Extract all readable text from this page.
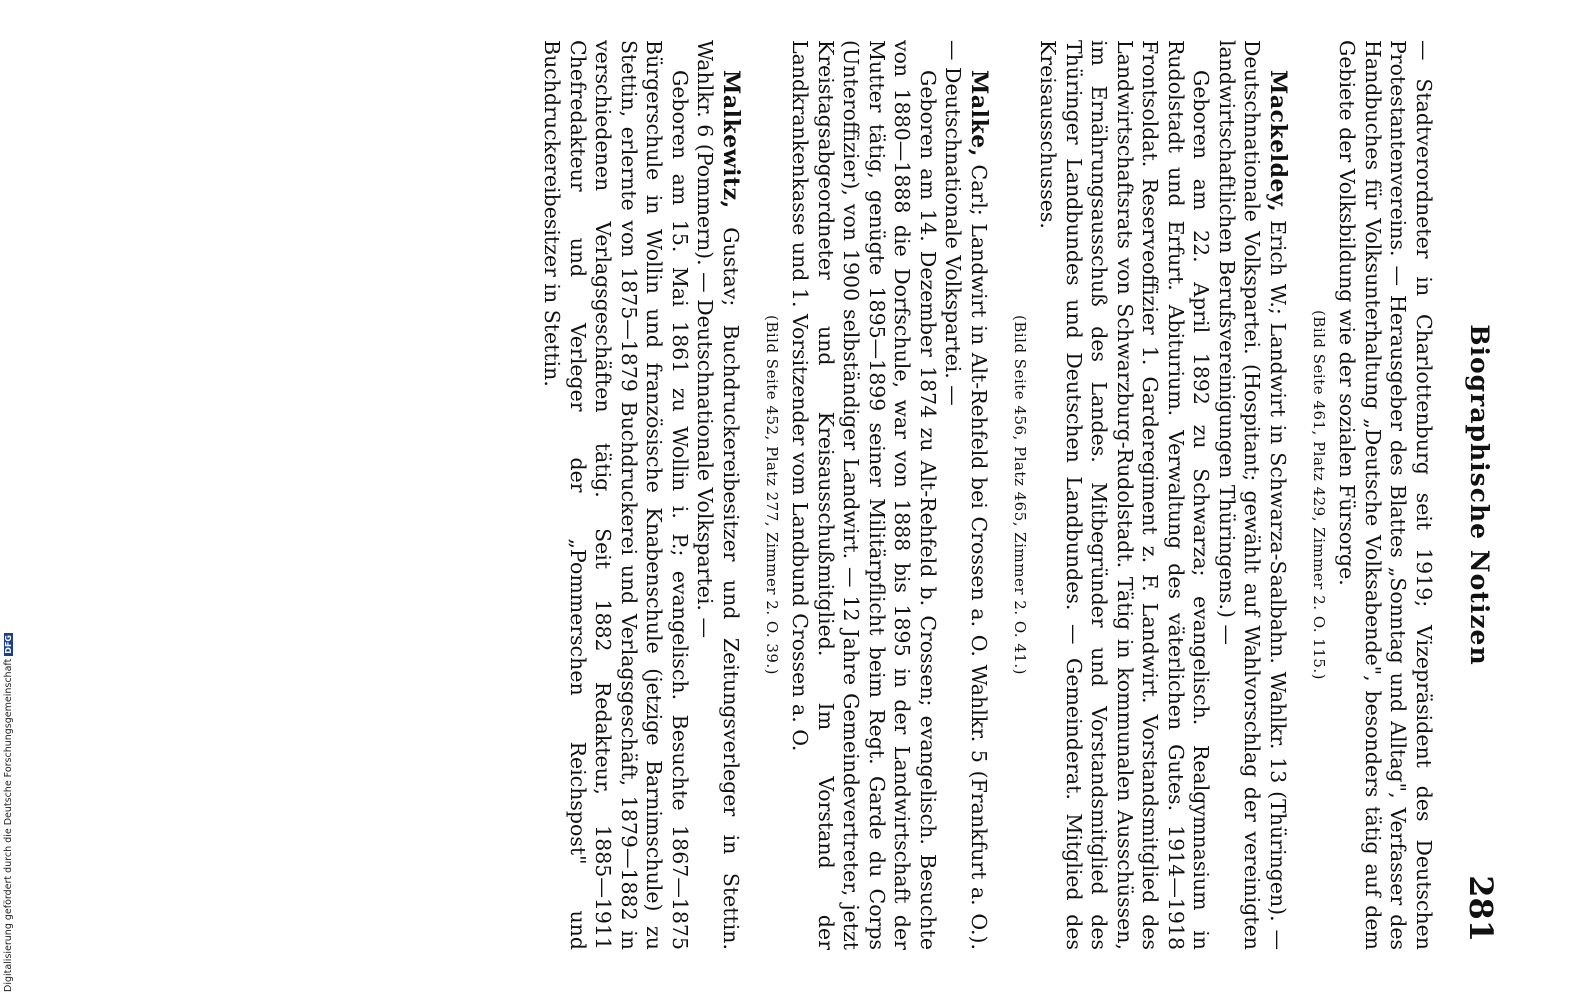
Biographische Notizen
281

— Stadtverordneter in Charlottenburg seit 1919; Vizepräsident des Deutschen Protestantenvereins. — Herausgeber des Blattes „Sonntag und Alltag", Verfasser des Handbuches für Volksunterhaltung „Deutsche Volksabende", besonders tätig auf dem Gebiete der Volksbildung wie der sozialen Fürsorge.

(Bild Seite 461, Platz 429, Zimmer 2. O. 115.)

Mackeldey, Erich W.; Landwirt in Schwarza-Saalbahn. Wahlkr. 13 (Thüringen). — Deutschnationale Volkspartei. (Hospitant; gewählt auf Wahlvorschlag der vereinigten landwirtschaftlichen Berufsvereinigungen Thüringens.) —

Geboren am 22. April 1892 zu Schwarza; evangelisch. Realgymnasium in Rudolstadt und Erfurt. Abiturium. Verwaltung des väterlichen Gutes. 1914—1918 Frontsoldat. Reserveoffizier 1. Garderegiment z. F. Landwirt. Vorstandsmitglied des Landwirtschaftsrats von Schwarzburg-Rudolstadt. Tätig in kommunalen Ausschüssen, im Ernährungsausschuß des Landes. Mitbegründer und Vorstandsmitglied des Thüringer Landbundes und Deutschen Landbundes. — Gemeinderat. Mitglied des Kreisausschusses.

(Bild Seite 456, Platz 465, Zimmer 2. O. 41.)

Malke, Carl; Landwirt in Alt-Rehfeld bei Crossen a. O. Wahlkr. 5 (Frankfurt a. O.). — Deutschnationale Volkspartei. —

Geboren am 14. Dezember 1874 zu Alt-Rehfeld b. Crossen; evangelisch. Besuchte von 1880—1888 die Dorfschule, war von 1888 bis 1895 in der Landwirtschaft der Mutter tätig, genügte 1895—1899 seiner Militärpflicht beim Regt. Garde du Corps (Unteroffizier), von 1900 selbständiger Landwirt. — 12 Jahre Gemeindevertreter, jetzt Kreistagsabgeordneter und Kreisausschußmitglied. Im Vorstand der Landkrankenkasse und 1. Vorsitzender vom Landbund Crossen a. O.

(Bild Seite 452, Platz 277, Zimmer 2. O. 39.)

Malkewitz, Gustav; Buchdruckereibesitzer und Zeitungsverleger in Stettin. Wahlkr. 6 (Pommern). — Deutschnationale Volkspartei. —

Geboren am 15. Mai 1861 zu Wollin i. P.; evangelisch. Besuchte 1867—1875 Bürgerschule in Wollin und französische Knabenschule (jetzige Barnimschule) zu Stettin, erlernte von 1875—1879 Buchdruckerei und Verlagsgeschäft, 1879—1882 in verschiedenen Verlagsgeschäften tätig. Seit 1882 Redakteur, 1885—1911 Chefredakteur und Verleger der „Pommerschen Reichspost" und Buchdruckereibesitzer in Stettin.

Digitalisierung gefördert durch die Deutsche ForschungsgemeinschaftDFG
